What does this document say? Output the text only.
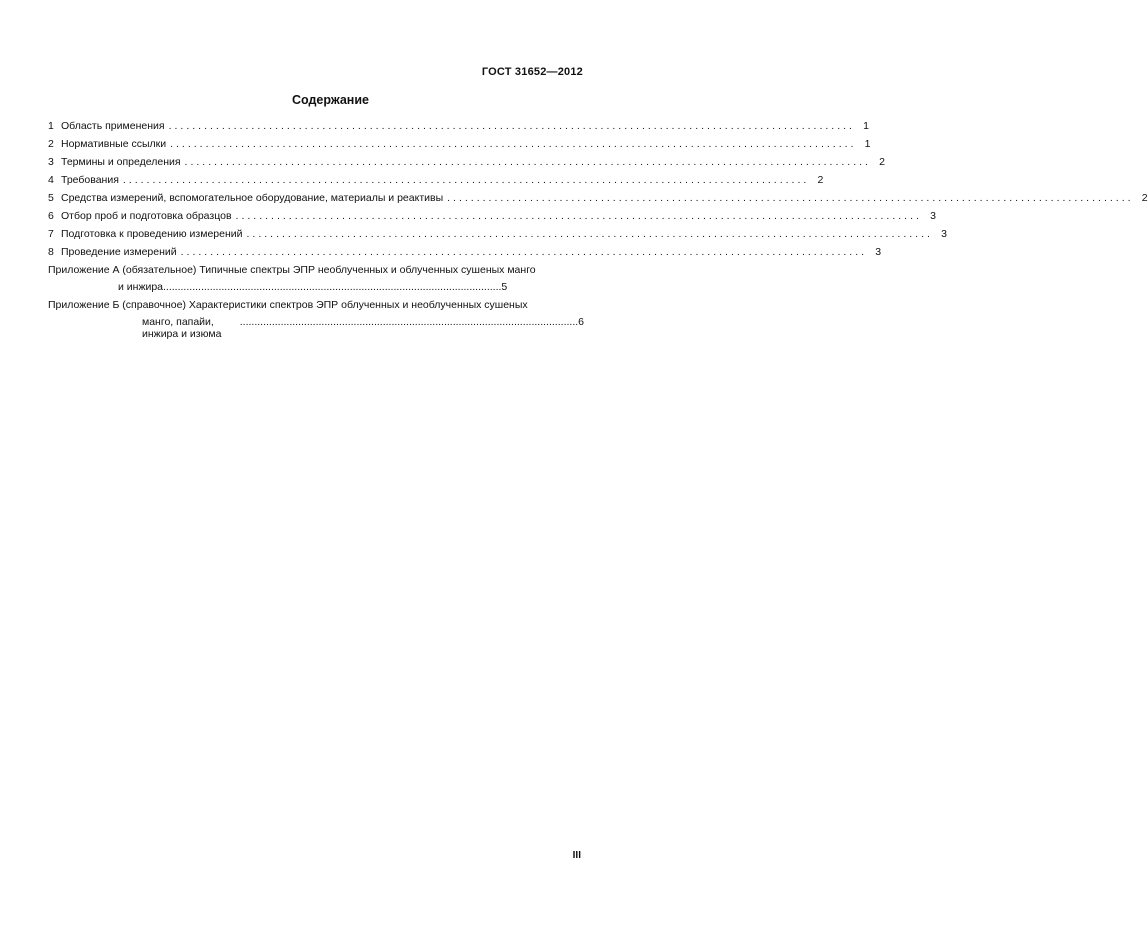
ГОСТ 31652—2012
Содержание
1 Область применения .................................................................................................................... 1
2 Нормативные ссылки .................................................................................................................... 1
3 Термины и определения .................................................................................................................... 2
4 Требования .................................................................................................................... 2
5 Средства измерений, вспомогательное оборудование, материалы и реактивы .................................................................................................................... 2
6 Отбор проб и подготовка образцов .................................................................................................................... 3
7 Подготовка к проведению измерений .................................................................................................................... 3
8 Проведение измерений .................................................................................................................... 3
Приложение А (обязательное) Типичные спектры ЭПР необлученных и облученных сушеных манго
и инжира .................................................................................................................... 5
Приложение Б (справочное) Характеристики спектров ЭПР облученных и необлученных сушеных
манго, папайи, инжира и изюма
.................................................................................................................... 6
III
